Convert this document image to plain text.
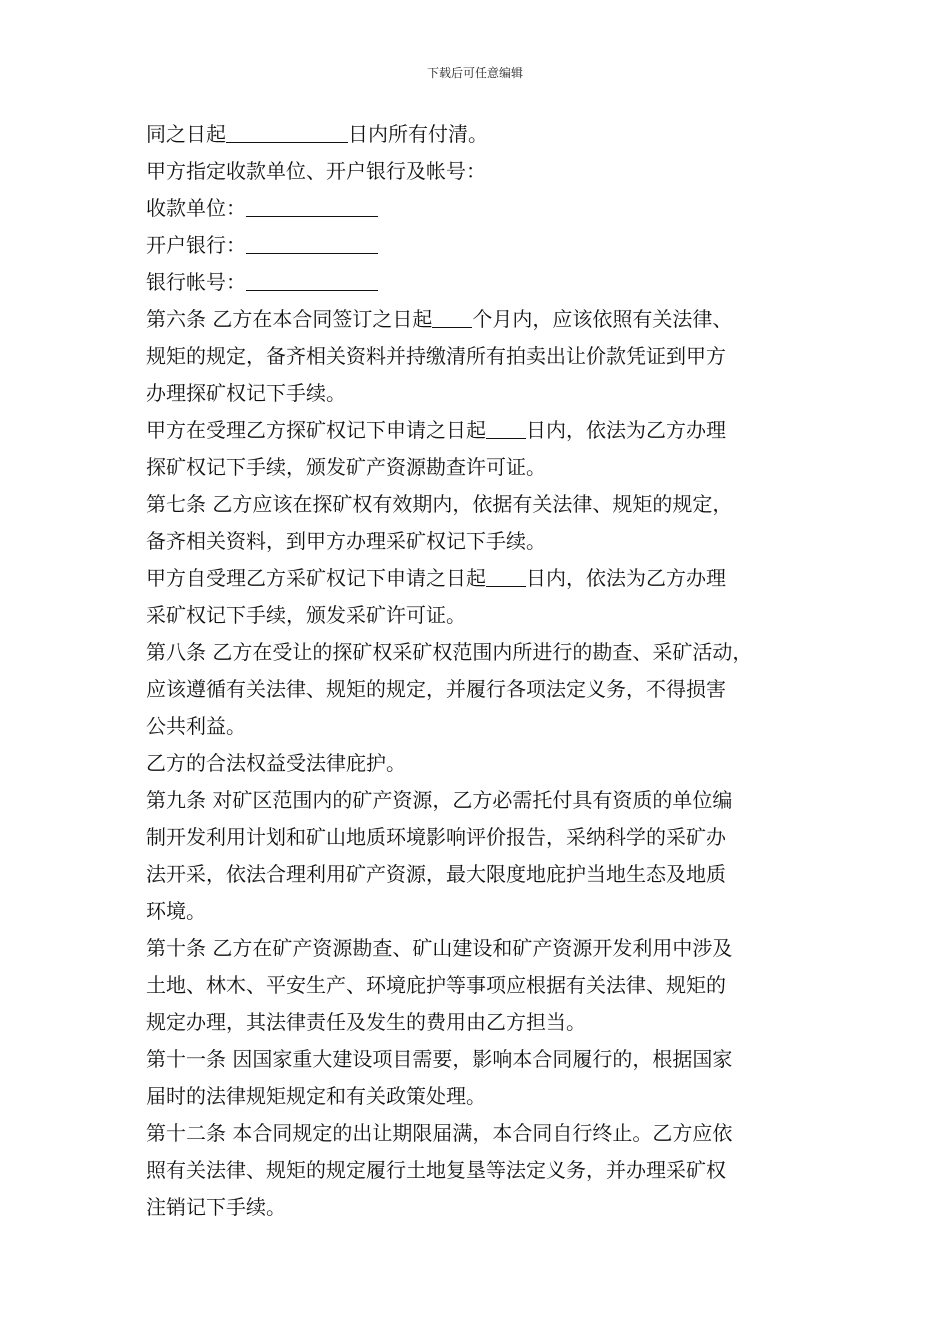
下载后可任意编辑
同之日起	日内所有付清。
甲方指定收款单位、开户银行及帐号：
收款单位：
开户银行：
银行帐号：
第六条 乙方在本合同签订之日起 个月内，应该依照有关法律、
规矩的规定，备齐相关资料并持缴清所有拍卖出让价款凭证到甲方
办理探矿权记下手续。
甲方在受理乙方探矿权记下申请之日起 日内，依法为乙方办理
探矿权记下手续，颁发矿产资源勘查许可证。
第七条 乙方应该在探矿权有效期内，依据有关法律、规矩的规定，
备齐相关资料，到甲方办理采矿权记下手续。
甲方自受理乙方采矿权记下申请之日起 日内，依法为乙方办理
采矿权记下手续，颁发采矿许可证。
第八条 乙方在受让的探矿权采矿权范围内所进行的勘查、采矿活动，
应该遵循有关法律、规矩的规定，并履行各项法定义务，不得损害
公共利益。
乙方的合法权益受法律庇护。
第九条 对矿区范围内的矿产资源，乙方必需托付具有资质的单位编
制开发利用计划和矿山地质环境影响评价报告，采纳科学的采矿办
法开采，依法合理利用矿产资源，最大限度地庇护当地生态及地质
环境。
第十条 乙方在矿产资源勘查、矿山建设和矿产资源开发利用中涉及
土地、林木、平安生产、环境庇护等事项应根据有关法律、规矩的
规定办理，其法律责任及发生的费用由乙方担当。
第十一条 因国家重大建设项目需要，影响本合同履行的，根据国家
届时的法律规矩规定和有关政策处理。
第十二条 本合同规定的出让期限届满，本合同自行终止。乙方应依
照有关法律、规矩的规定履行土地复垦等法定义务，并办理采矿权
注销记下手续。
